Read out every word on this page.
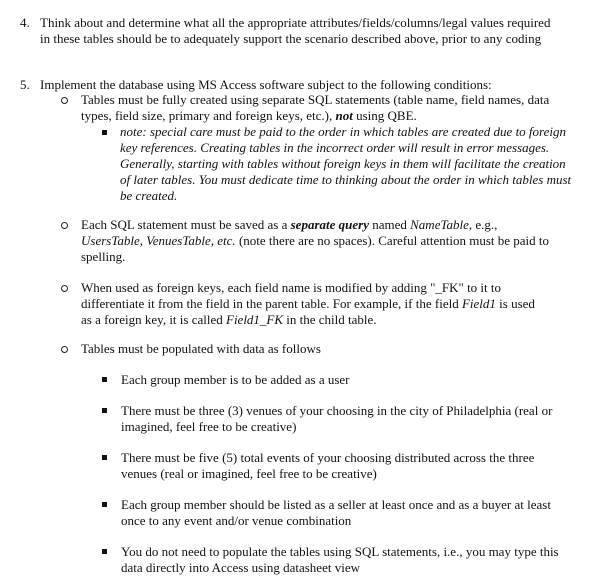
4. Think about and determine what all the appropriate attributes/fields/columns/legal values required in these tables should be to adequately support the scenario described above, prior to any coding
5. Implement the database using MS Access software subject to the following conditions:
Tables must be fully created using separate SQL statements (table name, field names, data types, field size, primary and foreign keys, etc.), not using QBE.
note: special care must be paid to the order in which tables are created due to foreign key references. Creating tables in the incorrect order will result in error messages. Generally, starting with tables without foreign keys in them will facilitate the creation of later tables. You must dedicate time to thinking about the order in which tables must be created.
Each SQL statement must be saved as a separate query named NameTable, e.g., UsersTable, VenuesTable, etc. (note there are no spaces). Careful attention must be paid to spelling.
When used as foreign keys, each field name is modified by adding "_FK" to it to differentiate it from the field in the parent table. For example, if the field Field1 is used as a foreign key, it is called Field1_FK in the child table.
Tables must be populated with data as follows
Each group member is to be added as a user
There must be three (3) venues of your choosing in the city of Philadelphia (real or imagined, feel free to be creative)
There must be five (5) total events of your choosing distributed across the three venues (real or imagined, feel free to be creative)
Each group member should be listed as a seller at least once and as a buyer at least once to any event and/or venue combination
You do not need to populate the tables using SQL statements, i.e., you may type this data directly into Access using datasheet view
